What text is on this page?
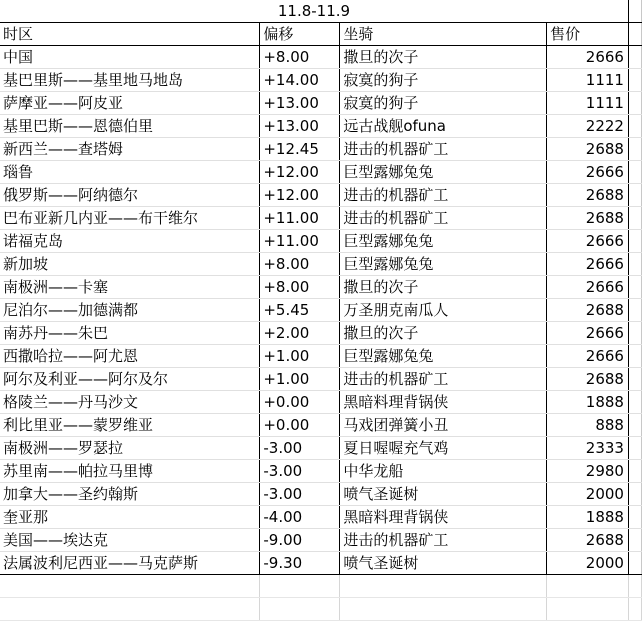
11.8-11.9				
时区	偏移	坐骑	售价	
中国	+8.00	撒旦的次子	2666	
基巴里斯——基里地马地岛	+14.00	寂寞的狗子	1111	
萨摩亚——阿皮亚	+13.00	寂寞的狗子	1111	
基里巴斯——恩德伯里	+13.00	远古战舰ofuna	2222	
新西兰——查塔姆	+12.45	进击的机器矿工	2688	
瑙鲁	+12.00	巨型露娜兔兔	2666	
俄罗斯——阿纳德尔	+12.00	进击的机器矿工	2688	
巴布亚新几内亚——布干维尔	+11.00	进击的机器矿工	2688	
诺福克岛	+11.00	巨型露娜兔兔	2666	
新加坡	+8.00	巨型露娜兔兔	2666	
南极洲——卡塞	+8.00	撒旦的次子	2666	
尼泊尔——加德满都	+5.45	万圣朋克南瓜人	2688	
南苏丹——朱巴	+2.00	撒旦的次子	2666	
西撒哈拉——阿尤恩	+1.00	巨型露娜兔兔	2666	
阿尔及利亚——阿尔及尔	+1.00	进击的机器矿工	2688	
格陵兰——丹马沙文	+0.00	黑暗料理背锅侠	1888	
利比里亚——蒙罗维亚	+0.00	马戏团弹簧小丑	888	
南极洲——罗瑟拉	-3.00	夏日喔喔充气鸡	2333	
苏里南——帕拉马里博	-3.00	中华龙船	2980	
加拿大——圣约翰斯	-3.00	喷气圣诞树	2000	
奎亚那	-4.00	黑暗料理背锅侠	1888	
美国——埃达克	-9.00	进击的机器矿工	2688	
法属波利尼西亚——马克萨斯	-9.30	喷气圣诞树	2000	
